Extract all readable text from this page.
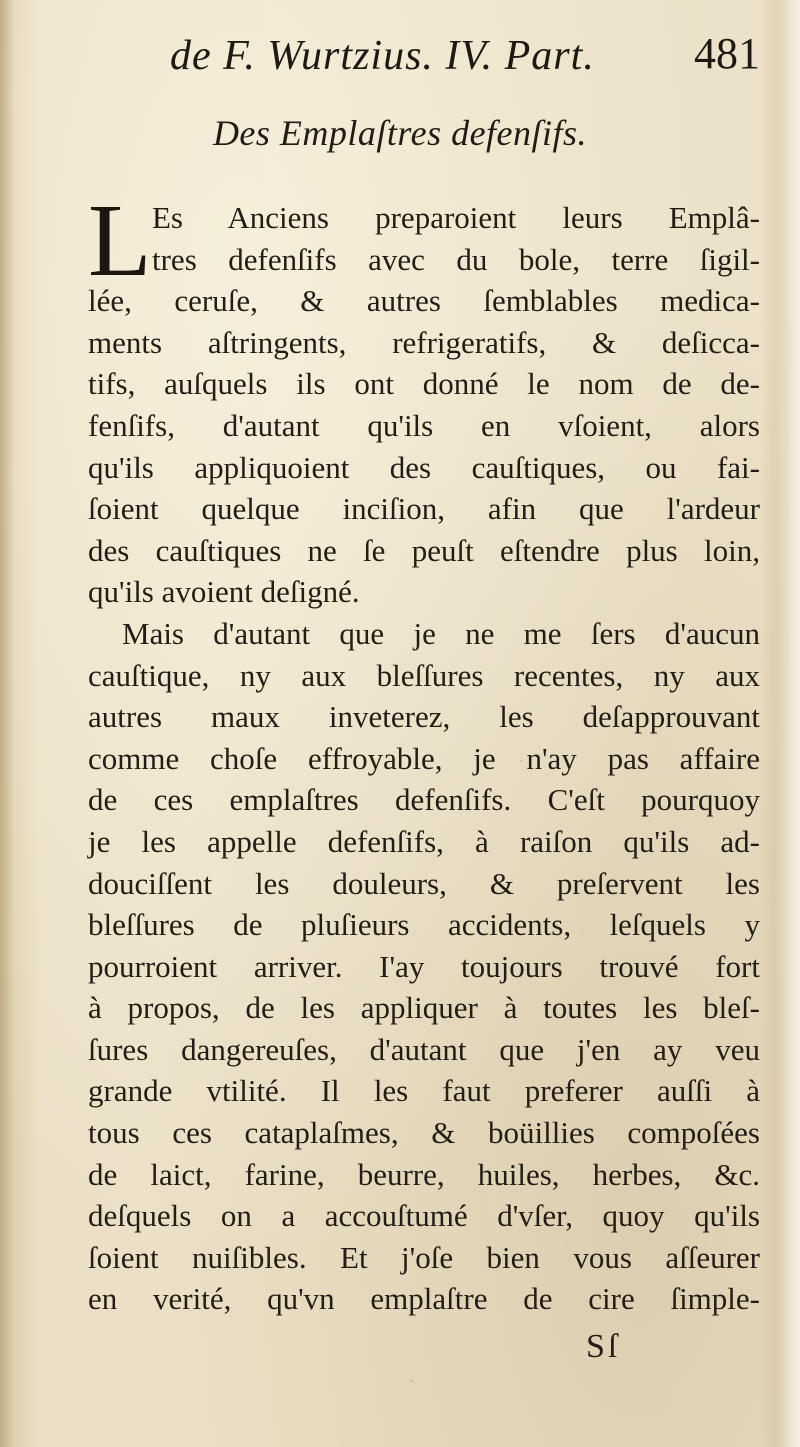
de F. Wurtzius. IV. Part. 481
Des Emplaſtres defenſifs.
L Es Anciens preparoient leurs Emplâ-
tres defenſifs avec du bole, terre ſigil-
lée, ceruſe, & autres ſemblables medica-
ments aſtringents, refrigeratifs, & deſicca-
tifs, auſquels ils ont donné le nom de de-
fenſifs, d'autant qu'ils en vſoient, alors
qu'ils appliquoient des cauſtiques, ou fai-
ſoient quelque inciſion, afin que l'ardeur
des cauſtiques ne ſe peuſt eſtendre plus loin,
qu'ils avoient deſigné.
Mais d'autant que je ne me ſers d'aucun
cauſtique, ny aux bleſſures recentes, ny aux
autres maux inveterez, les deſapprouvant
comme choſe effroyable, je n'ay pas affaire
de ces emplaſtres defenſifs. C'eſt pourquoy
je les appelle defenſifs, à raiſon qu'ils ad-
douciſſent les douleurs, & preſervent les
bleſſures de pluſieurs accidents, leſquels y
pourroient arriver. I'ay toujours trouvé fort
à propos, de les appliquer à toutes les bleſ-
ſures dangereuſes, d'autant que j'en ay veu
grande vtilité. Il les faut preferer auſſi à
tous ces cataplaſmes, & boüillies compoſées
de laict, farine, beurre, huiles, herbes, &c.
deſquels on a accouſtumé d'vſer, quoy qu'ils
ſoient nuiſibles. Et j'oſe bien vous aſſeurer
en verité, qu'vn emplaſtre de cire ſimple-
Sſ
